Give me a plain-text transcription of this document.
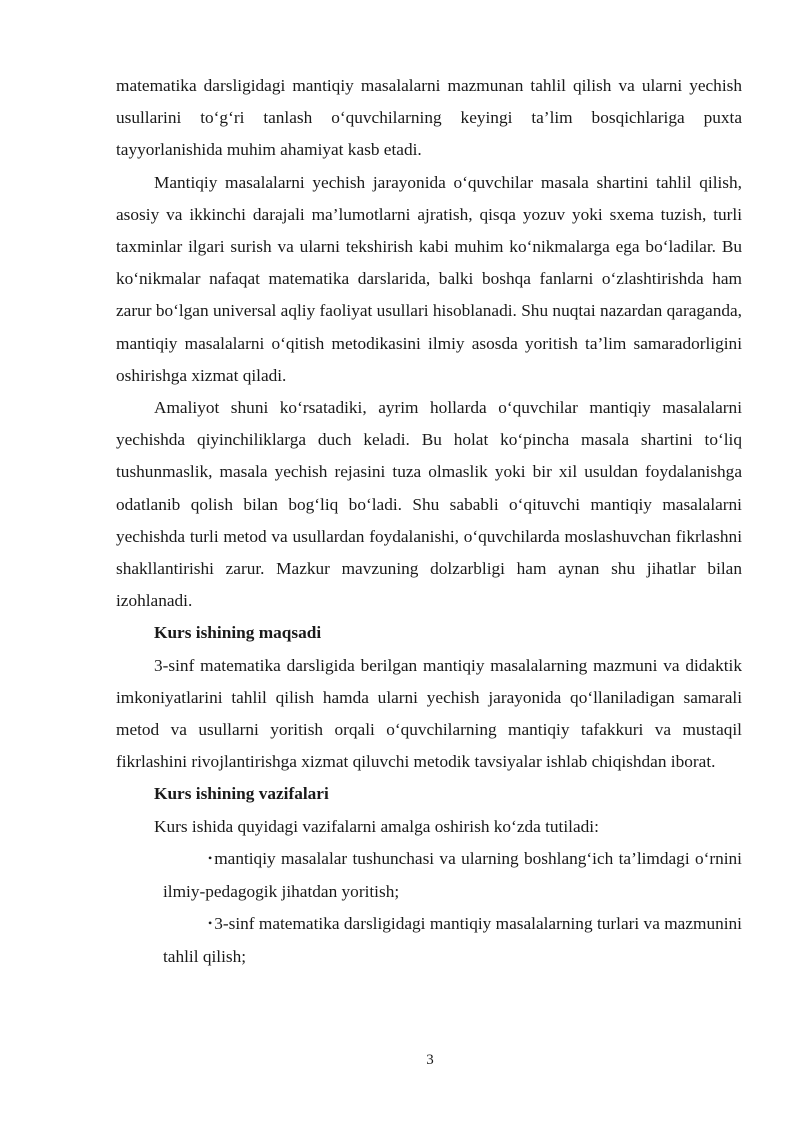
matematika darsligidagi mantiqiy masalalarni mazmunan tahlil qilish va ularni yechish usullarini to‘g‘ri tanlash o‘quvchilarning keyingi ta’lim bosqichlariga puxta tayyorlanishida muhim ahamiyat kasb etadi.

Mantiqiy masalalarni yechish jarayonida o‘quvchilar masala shartini tahlil qilish, asosiy va ikkinchi darajali ma’lumotlarni ajratish, qisqa yozuv yoki sxema tuzish, turli taxminlar ilgari surish va ularni tekshirish kabi muhim ko‘nikmalarga ega bo‘ladilar. Bu ko‘nikmalar nafaqat matematika darslarida, balki boshqa fanlarni o‘zlashtirishda ham zarur bo‘lgan universal aqliy faoliyat usullari hisoblanadi. Shu nuqtai nazardan qaraganda, mantiqiy masalalarni o‘qitish metodikasini ilmiy asosda yoritish ta’lim samaradorligini oshirishga xizmat qiladi.

Amaliyot shuni ko‘rsatadiki, ayrim hollarda o‘quvchilar mantiqiy masalalarni yechishda qiyinchiliklarga duch keladi. Bu holat ko‘pincha masala shartini to‘liq tushunmaslik, masala yechish rejasini tuza olmaslik yoki bir xil usuldan foydalanishga odatlanib qolish bilan bog‘liq bo‘ladi. Shu sababli o‘qituvchi mantiqiy masalalarni yechishda turli metod va usullardan foydalanishi, o‘quvchilarda moslashuvchan fikrlashni shakllantirishi zarur. Mazkur mavzuning dolzarbligi ham aynan shu jihatlar bilan izohlanadi.

Kurs ishining maqsadi

3-sinf matematika darsligida berilgan mantiqiy masalalarning mazmuni va didaktik imkoniyatlarini tahlil qilish hamda ularni yechish jarayonida qo‘llaniladigan samarali metod va usullarni yoritish orqali o‘quvchilarning mantiqiy tafakkuri va mustaqil fikrlashini rivojlantirishga xizmat qiluvchi metodik tavsiyalar ishlab chiqishdan iborat.

Kurs ishining vazifalari
Kurs ishida quyidagi vazifalarni amalga oshirish ko‘zda tutiladi:

• mantiqiy masalalar tushunchasi va ularning boshlang‘ich ta’limdagi o‘rnini ilmiy-pedagogik jihatdan yoritish;

• 3-sinf matematika darsligidagi mantiqiy masalalarning turlari va mazmunini tahlil qilish;

3
